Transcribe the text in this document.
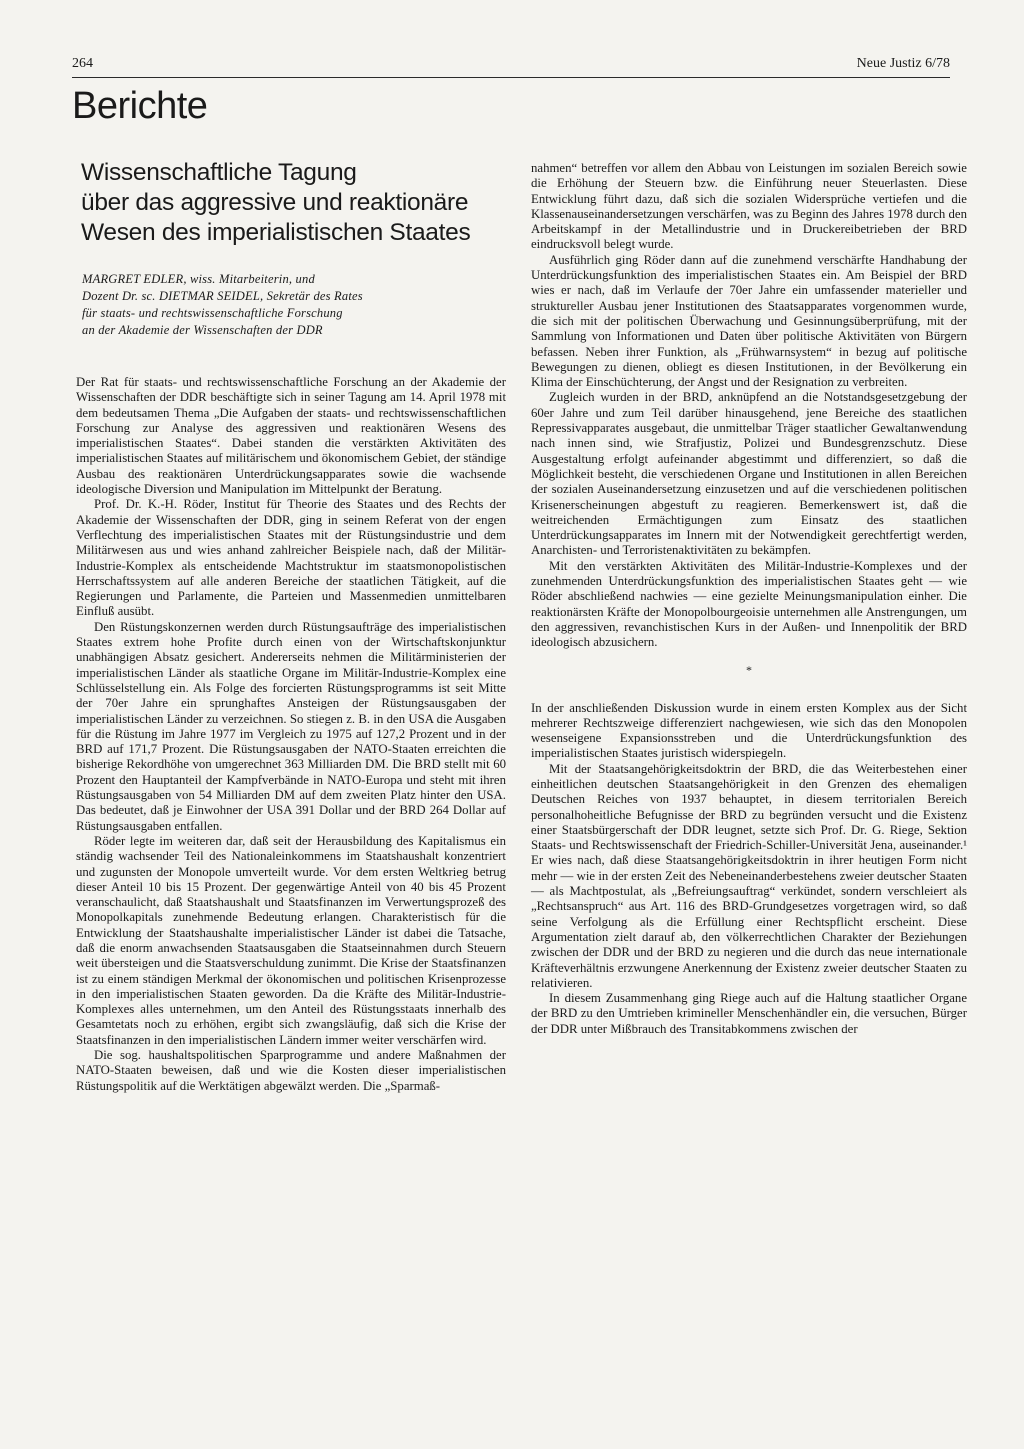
264	Neue Justiz 6/78
Berichte
Wissenschaftliche Tagung
über das aggressive und reaktionäre
Wesen des imperialistischen Staates
MARGRET EDLER, wiss. Mitarbeiterin, und
Dozent Dr. sc. DIETMAR SEIDEL, Sekretär des Rates
für staats- und rechtswissenschaftliche Forschung
an der Akademie der Wissenschaften der DDR

Der Rat für staats- und rechtswissenschaftliche Forschung an der Akademie der Wissenschaften der DDR beschäftigte sich in seiner Tagung am 14. April 1978 mit dem bedeutsamen Thema „Die Aufgaben der staats- und rechtswissenschaftlichen Forschung zur Analyse des aggressiven und reaktionären Wesens des imperialistischen Staates“. Dabei standen die verstärkten Aktivitäten des imperialistischen Staates auf militärischem und ökonomischem Gebiet, der ständige Ausbau des reaktionären Unterdrückungsapparates sowie die wachsende ideologische Diversion und Manipulation im Mittelpunkt der Beratung.

Prof. Dr. K.-H. Röder, Institut für Theorie des Staates und des Rechts der Akademie der Wissenschaften der DDR, ging in seinem Referat von der engen Verflechtung des imperialistischen Staates mit der Rüstungsindustrie und dem Militärwesen aus und wies anhand zahlreicher Beispiele nach, daß der Militär-Industrie-Komplex als entscheidende Machtstruktur im staatsmonopolistischen Herrschaftssystem auf alle anderen Bereiche der staatlichen Tätigkeit, auf die Regierungen und Parlamente, die Parteien und Massenmedien unmittelbaren Einfluß ausübt.

Den Rüstungskonzernen werden durch Rüstungsaufträge des imperialistischen Staates extrem hohe Profite durch einen von der Wirtschaftskonjunktur unabhängigen Absatz gesichert. Andererseits nehmen die Militärministerien der imperialistischen Länder als staatliche Organe im Militär-Industrie-Komplex eine Schlüsselstellung ein. Als Folge des forcierten Rüstungsprogramms ist seit Mitte der 70er Jahre ein sprunghaftes Ansteigen der Rüstungsausgaben der imperialistischen Länder zu verzeichnen. So stiegen z. B. in den USA die Ausgaben für die Rüstung im Jahre 1977 im Vergleich zu 1975 auf 127,2 Prozent und in der BRD auf 171,7 Prozent. Die Rüstungsausgaben der NATO-Staaten erreichten die bisherige Rekordhöhe von umgerechnet 363 Milliarden DM. Die BRD stellt mit 60 Prozent den Hauptanteil der Kampfverbände in NATO-Europa und steht mit ihren Rüstungsausgaben von 54 Milliarden DM auf dem zweiten Platz hinter den USA. Das bedeutet, daß je Einwohner der USA 391 Dollar und der BRD 264 Dollar auf Rüstungsausgaben entfallen.

Röder legte im weiteren dar, daß seit der Herausbildung des Kapitalismus ein ständig wachsender Teil des Nationaleinkommens im Staatshaushalt konzentriert und zugunsten der Monopole umverteilt wurde. Vor dem ersten Weltkrieg betrug dieser Anteil 10 bis 15 Prozent. Der gegenwärtige Anteil von 40 bis 45 Prozent veranschaulicht, daß Staatshaushalt und Staatsfinanzen im Verwertungsprozeß des Monopolkapitals zunehmende Bedeutung erlangen. Charakteristisch für die Entwicklung der Staatshaushalte imperialistischer Länder ist dabei die Tatsache, daß die enorm anwachsenden Staatsausgaben die Staatseinnahmen durch Steuern weit übersteigen und die Staatsverschuldung zunimmt. Die Krise der Staatsfinanzen ist zu einem ständigen Merkmal der ökonomischen und politischen Krisenprozesse in den imperialistischen Staaten geworden. Da die Kräfte des Militär-Industrie-Komplexes alles unternehmen, um den Anteil des Rüstungsstaats innerhalb des Gesamtetats noch zu erhöhen, ergibt sich zwangsläufig, daß sich die Krise der Staatsfinanzen in den imperialistischen Ländern immer weiter verschärfen wird.

Die sog. haushaltspolitischen Sparprogramme und andere Maßnahmen der NATO-Staaten beweisen, daß und wie die Kosten dieser imperialistischen Rüstungspolitik auf die Werktätigen abgewälzt werden. Die „Sparmaß-

nahmen“ betreffen vor allem den Abbau von Leistungen im sozialen Bereich sowie die Erhöhung der Steuern bzw. die Einführung neuer Steuerlasten. Diese Entwicklung führt dazu, daß sich die sozialen Widersprüche vertiefen und die Klassenauseinandersetzungen verschärfen, was zu Beginn des Jahres 1978 durch den Arbeitskampf in der Metallindustrie und in Druckereibetrieben der BRD eindrucksvoll belegt wurde.

Ausführlich ging Röder dann auf die zunehmend verschärfte Handhabung der Unterdrückungsfunktion des imperialistischen Staates ein. Am Beispiel der BRD wies er nach, daß im Verlaufe der 70er Jahre ein umfassender materieller und struktureller Ausbau jener Institutionen des Staatsapparates vorgenommen wurde, die sich mit der politischen Überwachung und Gesinnungsüberprüfung, mit der Sammlung von Informationen und Daten über politische Aktivitäten von Bürgern befassen. Neben ihrer Funktion, als „Frühwarnsystem“ in bezug auf politische Bewegungen zu dienen, obliegt es diesen Institutionen, in der Bevölkerung ein Klima der Einschüchterung, der Angst und der Resignation zu verbreiten.

Zugleich wurden in der BRD, anknüpfend an die Notstandsgesetzgebung der 60er Jahre und zum Teil darüber hinausgehend, jene Bereiche des staatlichen Repressivapparates ausgebaut, die unmittelbar Träger staatlicher Gewaltanwendung nach innen sind, wie Strafjustiz, Polizei und Bundesgrenzschutz. Diese Ausgestaltung erfolgt aufeinander abgestimmt und differenziert, so daß die Möglichkeit besteht, die verschiedenen Organe und Institutionen in allen Bereichen der sozialen Auseinandersetzung einzusetzen und auf die verschiedenen politischen Krisenerscheinungen abgestuft zu reagieren. Bemerkenswert ist, daß die weitreichenden Ermächtigungen zum Einsatz des staatlichen Unterdrückungsapparates im Innern mit der Notwendigkeit gerechtfertigt werden, Anarchisten- und Terroristenaktivitäten zu bekämpfen.

Mit den verstärkten Aktivitäten des Militär-Industrie-Komplexes und der zunehmenden Unterdrückungsfunktion des imperialistischen Staates geht — wie Röder abschließend nachwies — eine gezielte Meinungsmanipulation einher. Die reaktionärsten Kräfte der Monopolbourgeoisie unternehmen alle Anstrengungen, um den aggressiven, revanchistischen Kurs in der Außen- und Innenpolitik der BRD ideologisch abzusichern.

*

In der anschließenden Diskussion wurde in einem ersten Komplex aus der Sicht mehrerer Rechtszweige differenziert nachgewiesen, wie sich das den Monopolen wesenseigene Expansionsstreben und die Unterdrückungsfunktion des imperialistischen Staates juristisch widerspiegeln.

Mit der Staatsangehörigkeitsdoktrin der BRD, die das Weiterbestehen einer einheitlichen deutschen Staatsangehörigkeit in den Grenzen des ehemaligen Deutschen Reiches von 1937 behauptet, in diesem territorialen Bereich personalhoheitliche Befugnisse der BRD zu begründen versucht und die Existenz einer Staatsbürgerschaft der DDR leugnet, setzte sich Prof. Dr. G. Riege, Sektion Staats- und Rechtswissenschaft der Friedrich-Schiller-Universität Jena, auseinander.¹ Er wies nach, daß diese Staatsangehörigkeitsdoktrin in ihrer heutigen Form nicht mehr — wie in der ersten Zeit des Nebeneinanderbestehens zweier deutscher Staaten — als Machtpostulat, als „Befreiungsauftrag“ verkündet, sondern verschleiert als „Rechtsanspruch“ aus Art. 116 des BRD-Grundgesetzes vorgetragen wird, so daß seine Verfolgung als die Erfüllung einer Rechtspflicht erscheint. Diese Argumentation zielt darauf ab, den völkerrechtlichen Charakter der Beziehungen zwischen der DDR und der BRD zu negieren und die durch das neue internationale Kräfteverhältnis erzwungene Anerkennung der Existenz zweier deutscher Staaten zu relativieren.

In diesem Zusammenhang ging Riege auch auf die Haltung staatlicher Organe der BRD zu den Umtrieben krimineller Menschenhändler ein, die versuchen, Bürger der DDR unter Mißbrauch des Transitabkommens zwischen der
